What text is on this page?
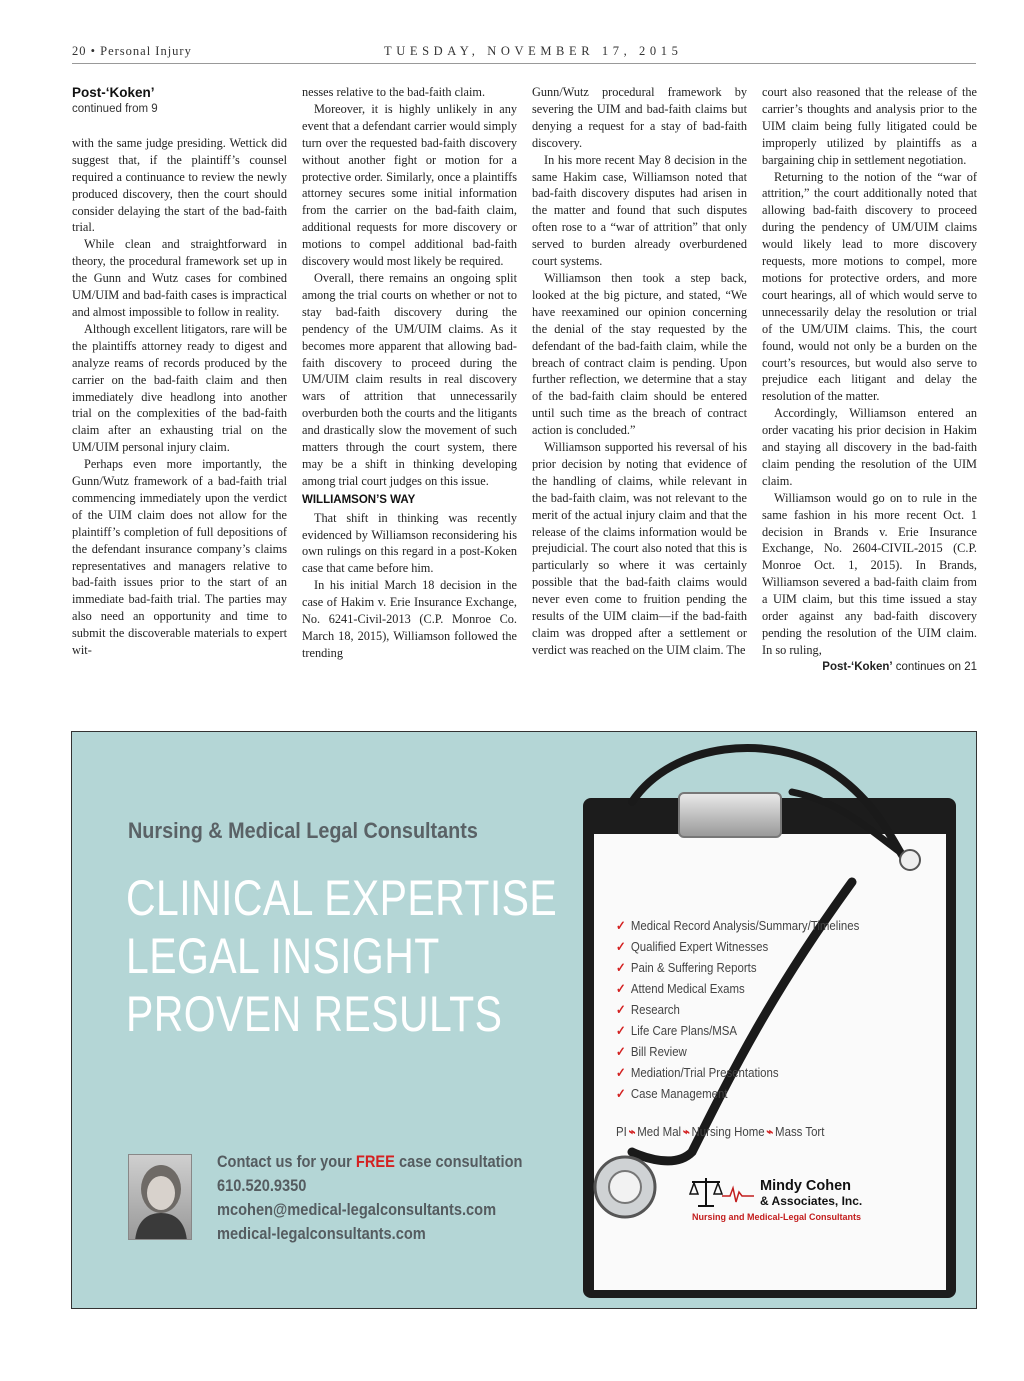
20 • Personal Injury	TUESDAY, NOVEMBER 17, 2015
Post-‘Koken’
continued from 9

with the same judge presiding. Wettick did suggest that, if the plaintiff’s counsel required a continuance to review the newly produced discovery, then the court should consider delaying the start of the bad-faith trial.

While clean and straightforward in theory, the procedural framework set up in the Gunn and Wutz cases for combined UM/UIM and bad-faith cases is impractical and almost impossible to follow in reality.

Although excellent litigators, rare will be the plaintiffs attorney ready to digest and analyze reams of records produced by the carrier on the bad-faith claim and then immediately dive headlong into another trial on the complexities of the bad-faith claim after an exhausting trial on the UM/UIM personal injury claim.

Perhaps even more importantly, the Gunn/Wutz framework of a bad-faith trial commencing immediately upon the verdict of the UIM claim does not allow for the plaintiff’s completion of full depositions of the defendant insurance company’s claims representatives and managers relative to bad-faith issues prior to the start of an immediate bad-faith trial. The parties may also need an opportunity and time to submit the discoverable materials to expert wit-

nesses relative to the bad-faith claim.

Moreover, it is highly unlikely in any event that a defendant carrier would simply turn over the requested bad-faith discovery without another fight or motion for a protective order. Similarly, once a plaintiffs attorney secures some initial information from the carrier on the bad-faith claim, additional requests for more discovery or motions to compel additional bad-faith discovery would most likely be required.

Overall, there remains an ongoing split among the trial courts on whether or not to stay bad-faith discovery during the pendency of the UM/UIM claims. As it becomes more apparent that allowing bad-faith discovery to proceed during the UM/UIM claim results in real discovery wars of attrition that unnecessarily overburden both the courts and the litigants and drastically slow the movement of such matters through the court system, there may be a shift in thinking developing among trial court judges on this issue.

WILLIAMSON’S WAY

That shift in thinking was recently evidenced by Williamson reconsidering his own rulings on this regard in a post-Koken case that came before him.

In his initial March 18 decision in the case of Hakim v. Erie Insurance Exchange, No. 6241-Civil-2013 (C.P. Monroe Co. March 18, 2015), Williamson followed the trending

Gunn/Wutz procedural framework by severing the UIM and bad-faith claims but denying a request for a stay of bad-faith discovery.

In his more recent May 8 decision in the same Hakim case, Williamson noted that bad-faith discovery disputes had arisen in the matter and found that such disputes often rose to a “war of attrition” that only served to burden already overburdened court systems.

Williamson then took a step back, looked at the big picture, and stated, “We have reexamined our opinion concerning the denial of the stay requested by the defendant of the bad-faith claim, while the breach of contract claim is pending. Upon further reflection, we determine that a stay of the bad-faith claim should be entered until such time as the breach of contract action is concluded.”

Williamson supported his reversal of his prior decision by noting that evidence of the handling of claims, while relevant in the bad-faith claim, was not relevant to the merit of the actual injury claim and that the release of the claims information would be prejudicial. The court also noted that this is particularly so where it was certainly possible that the bad-faith claims would never even come to fruition pending the results of the UIM claim—if the bad-faith claim was dropped after a settlement or verdict was reached on the UIM claim. The

court also reasoned that the release of the carrier’s thoughts and analysis prior to the UIM claim being fully litigated could be improperly utilized by plaintiffs as a bargaining chip in settlement negotiation.

Returning to the notion of the “war of attrition,” the court additionally noted that allowing bad-faith discovery to proceed during the pendency of UM/UIM claims would likely lead to more discovery requests, more motions to compel, more motions for protective orders, and more court hearings, all of which would serve to unnecessarily delay the resolution or trial of the UM/UIM claims. This, the court found, would not only be a burden on the court’s resources, but would also serve to prejudice each litigant and delay the resolution of the matter.

Accordingly, Williamson entered an order vacating his prior decision in Hakim and staying all discovery in the bad-faith claim pending the resolution of the UIM claim.

Williamson would go on to rule in the same fashion in his more recent Oct. 1 decision in Brands v. Erie Insurance Exchange, No. 2604-CIVIL-2015 (C.P. Monroe Oct. 1, 2015). In Brands, Williamson severed a bad-faith claim from a UIM claim, but this time issued a stay order against any bad-faith discovery pending the resolution of the UIM claim. In so ruling,

Post-‘Koken’ continues on 21
Nursing & Medical Legal Consultants
CLINICAL EXPERTISE
LEGAL INSIGHT
PROVEN RESULTS
✓ Medical Record Analysis/Summary/Timelines
✓ Qualified Expert Witnesses
✓ Pain & Suffering Reports
✓ Attend Medical Exams
✓ Research
✓ Life Care Plans/MSA
✓ Bill Review
✓ Mediation/Trial Presentations
✓ Case Management
PI ⌁ Med Mal ⌁ Nursing Home ⌁ Mass Tort
Mindy Cohen
& Associates, Inc.
Nursing and Medical-Legal Consultants
Contact us for your FREE case consultation
610.520.9350
mcohen@medical-legalconsultants.com
medical-legalconsultants.com
